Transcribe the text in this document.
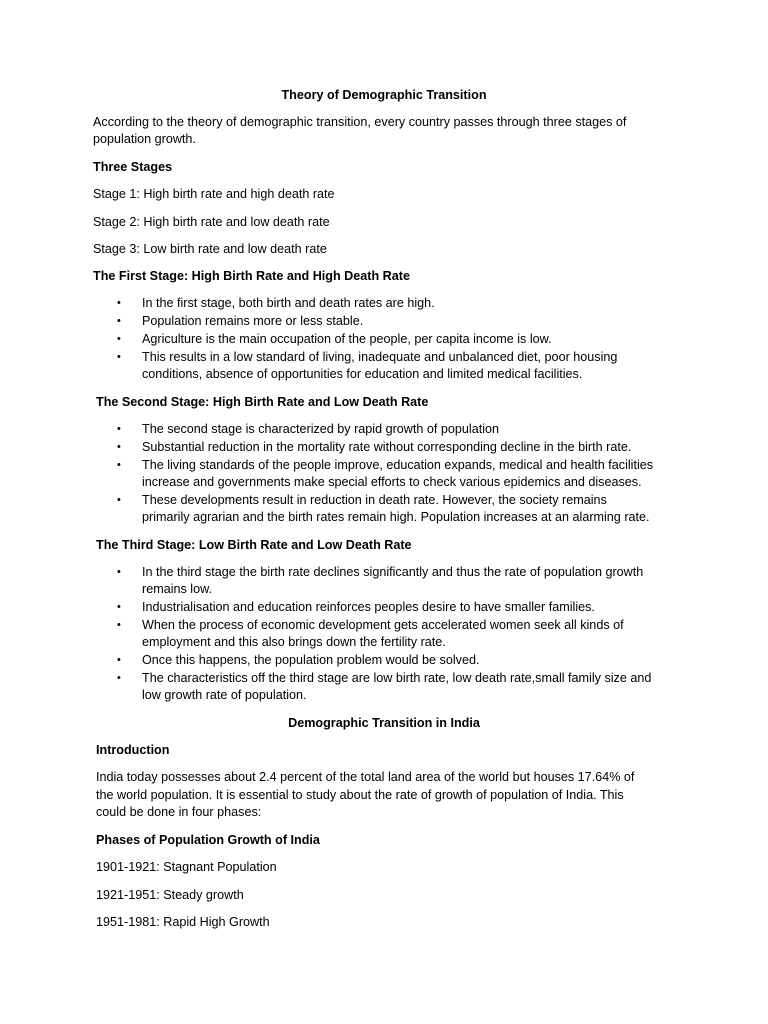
Theory of Demographic Transition

According to the theory of demographic transition, every country passes through three stages of

population growth.

Three Stages

Stage 1: High birth rate and high death rate

Stage 2: High birth rate and low death rate

Stage 3: Low birth rate and low death rate

The First Stage: High Birth Rate and High Death Rate

• In the first stage, both birth and death rates are high.

• Population remains more or less stable.

• Agriculture is the main occupation of the people, per capita income is low.

• This results in a low standard of living, inadequate and unbalanced diet, poor housing

conditions, absence of opportunities for education and limited medical facilities.

The Second Stage: High Birth Rate and Low Death Rate

• The second stage is characterized by rapid growth of population

• Substantial reduction in the mortality rate without corresponding decline in the birth rate.

• The living standards of the people improve, education expands, medical and health facilities

increase and governments make special efforts to check various epidemics and diseases.

• These developments result in reduction in death rate. However, the society remains

primarily agrarian and the birth rates remain high. Population increases at an alarming rate.

The Third Stage: Low Birth Rate and Low Death Rate

• In the third stage the birth rate declines significantly and thus the rate of population growth

remains low.

• Industrialisation and education reinforces peoples desire to have smaller families.

• When the process of economic development gets accelerated women seek all kinds of

employment and this also brings down the fertility rate.

• Once this happens, the population problem would be solved.

• The characteristics off the third stage are low birth rate, low death rate,small family size and

low growth rate of population.

Demographic Transition in India

Introduction

India today possesses about 2.4 percent of the total land area of the world but houses 17.64% of

the world population. It is essential to study about the rate of growth of population of India. This

could be done in four phases:

Phases of Population Growth of India

1901-1921: Stagnant Population

1921-1951: Steady growth

1951-1981: Rapid High Growth
